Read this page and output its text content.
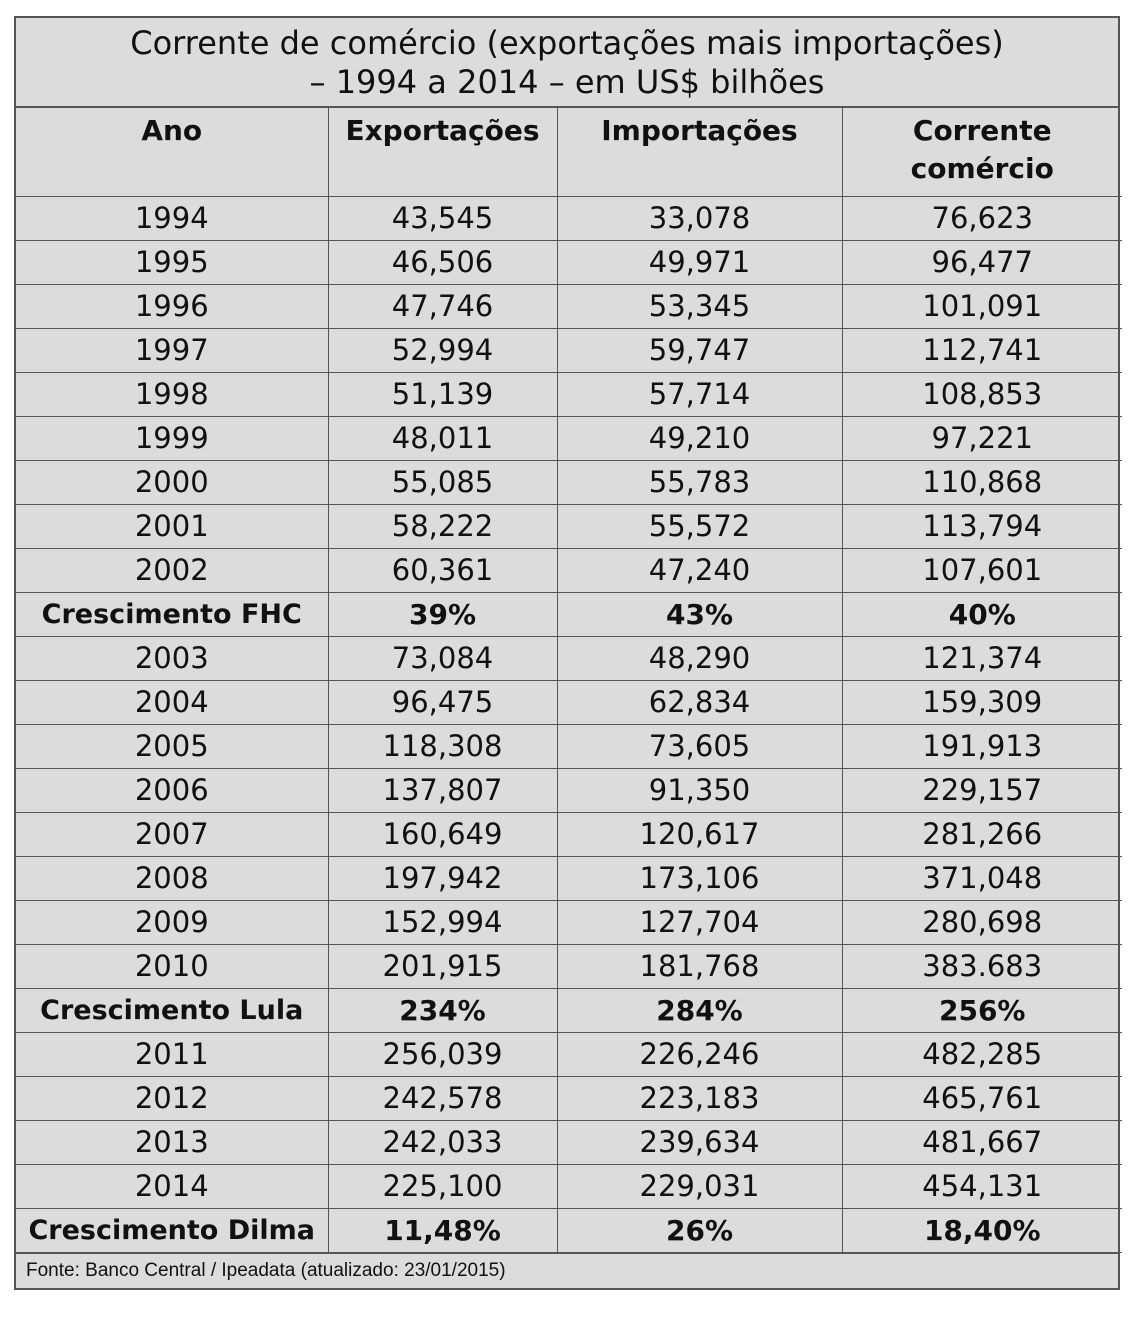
Corrente de comércio (exportações mais importações)
– 1994 a 2014 – em US$ bilhões
Ano	Exportações	Importações	Corrente comércio
1994	43,545	33,078	76,623
1995	46,506	49,971	96,477
1996	47,746	53,345	101,091
1997	52,994	59,747	112,741
1998	51,139	57,714	108,853
1999	48,011	49,210	97,221
2000	55,085	55,783	110,868
2001	58,222	55,572	113,794
2002	60,361	47,240	107,601
Crescimento FHC	39%	43%	40%
2003	73,084	48,290	121,374
2004	96,475	62,834	159,309
2005	118,308	73,605	191,913
2006	137,807	91,350	229,157
2007	160,649	120,617	281,266
2008	197,942	173,106	371,048
2009	152,994	127,704	280,698
2010	201,915	181,768	383.683
Crescimento Lula	234%	284%	256%
2011	256,039	226,246	482,285
2012	242,578	223,183	465,761
2013	242,033	239,634	481,667
2014	225,100	229,031	454,131
Crescimento Dilma	11,48%	26%	18,40%
Fonte: Banco Central / Ipeadata (atualizado: 23/01/2015)
